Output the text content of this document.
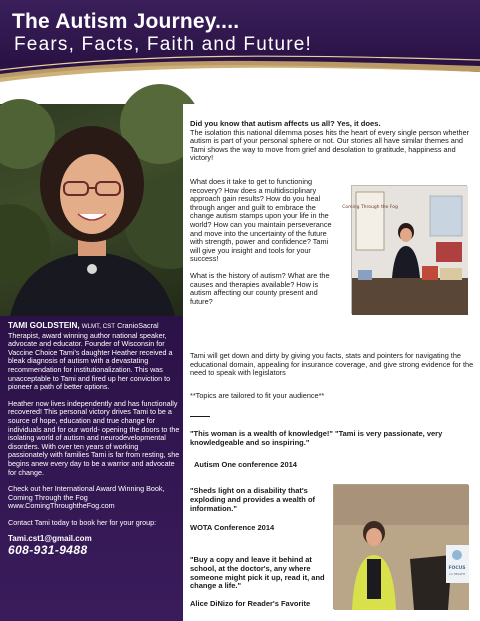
The Autism Journey....
Fears, Facts, Faith and Future!

TAMI GOLDSTEIN, WLMT, CST CranioSacral Therapist, award winning author national speaker, advocate and educator. Founder of Wisconsin for Vaccine Choice Tami's daughter Heather received a bleak diagnosis of autism with a devastating recommendation for institutionalization. This was unacceptable to Tami and fired up her conviction to pioneer a path of better options.

Heather now lives independently and has functionally recovered! This personal victory drives Tami to be a source of hope, education and true change for individuals and for our world- opening the doors to the isolating world of autism and neurodevelopmental disorders. With over ten years of working passionately with families Tami is far from resting, she begins anew every day to be a warrior and advocate for change.

Check out her International Award Winning Book, Coming Through the Fog www.ComingThroughtheFog.com

Contact Tami today to book her for your group:

Tami.cst1@gmail.com
608-931-9488
Did you know that autism affects us all? Yes, it does.
The isolation this national dilemma poses hits the heart of every single person whether autism is part of your personal sphere or not. Our stories all have similar themes and Tami shows the way to move from grief and desolation to gratitude, happiness and victory!

What does it take to get to functioning recovery? How does a multidisciplinary approach gain results? How do you heal through anger and guilt to embrace the change autism stamps upon your life in the world? How can you maintain perseverance and move into the uncertainty of the future with strength, power and confidence? Tami will give you insight and tools for your success!

What is the history of autism? What are the causes and therapies available? How is autism affecting our county present and future?

Coming Through the Fog
Tami will get down and dirty by giving you facts, stats and pointers for navigating the educational domain, appealing for insurance coverage, and give strong evidence for the need to speak with legislators
**Topics are tailored to fit your audience**
"This woman is a wealth of knowledge!" "Tami is very passionate, very knowledgeable and so inspiring."
Autism One conference 2014
"Sheds light on a disability that's exploding and provides a wealth of information."
WOTA Conference 2014
"Buy a copy and leave it behind at school, at the doctor's, any where someone might pick it up, read it, and change a life."
Alice DiNizo for Reader's Favorite
FOCUS
on HEALTH
